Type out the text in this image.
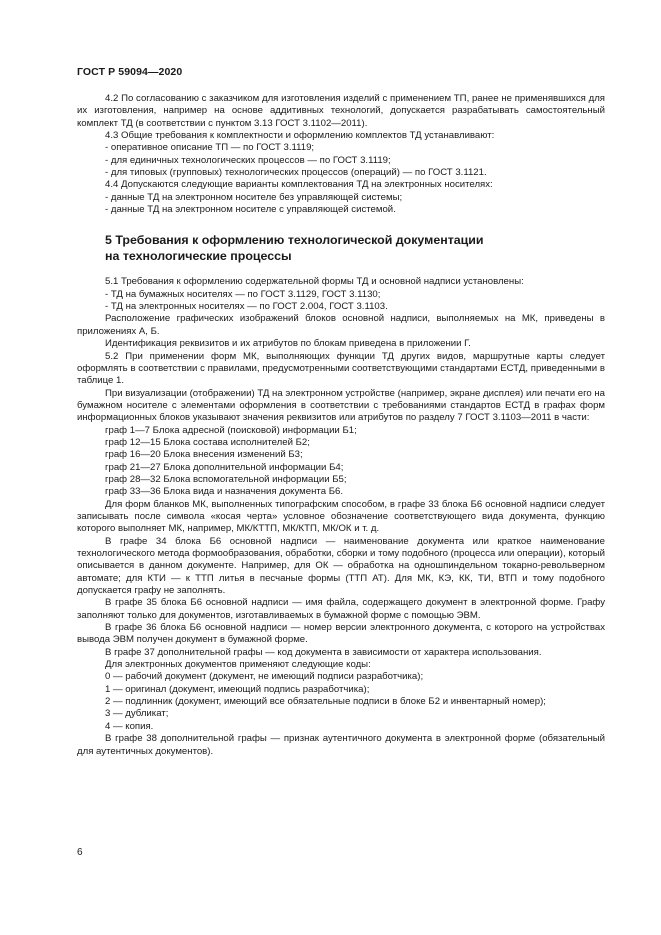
ГОСТ Р 59094—2020

4.2 По согласованию с заказчиком для изготовления изделий с применением ТП, ранее не применявшихся для их изготовления, например на основе аддитивных технологий, допускается разрабатывать самостоятельный комплект ТД (в соответствии с пунктом 3.13 ГОСТ 3.1102—2011).

4.3 Общие требования к комплектности и оформлению комплектов ТД устанавливают:

- оперативное описание ТП — по ГОСТ 3.1119;

- для единичных технологических процессов — по ГОСТ 3.1119;

- для типовых (групповых) технологических процессов (операций) — по ГОСТ 3.1121.

4.4 Допускаются следующие варианты комплектования ТД на электронных носителях:

- данные ТД на электронном носителе без управляющей системы;

- данные ТД на электронном носителе с управляющей системой.

5 Требования к оформлению технологической документации
на технологические процессы

5.1 Требования к оформлению содержательной формы ТД и основной надписи установлены:

- ТД на бумажных носителях — по ГОСТ 3.1129, ГОСТ 3.1130;

- ТД на электронных носителях — по ГОСТ 2.004, ГОСТ 3.1103.

Расположение графических изображений блоков основной надписи, выполняемых на МК, приведены в приложениях А, Б.

Идентификация реквизитов и их атрибутов по блокам приведена в приложении Г.

5.2 При применении форм МК, выполняющих функции ТД других видов, маршрутные карты следует оформлять в соответствии с правилами, предусмотренными соответствующими стандартами ЕСТД, приведенными в таблице 1.

При визуализации (отображении) ТД на электронном устройстве (например, экране дисплея) или печати его на бумажном носителе с элементами оформления в соответствии с требованиями стандартов ЕСТД в графах форм информационных блоков указывают значения реквизитов или атрибутов по разделу 7 ГОСТ 3.1103—2011 в части:

граф 1—7 Блока адресной (поисковой) информации Б1;

граф 12—15 Блока состава исполнителей Б2;

граф 16—20 Блока внесения изменений Б3;

граф 21—27 Блока дополнительной информации Б4;

граф 28—32 Блока вспомогательной информации Б5;

граф 33—36 Блока вида и назначения документа Б6.

Для форм бланков МК, выполненных типографским способом, в графе 33 блока Б6 основной надписи следует записывать после символа «косая черта» условное обозначение соответствующего вида документа, функцию которого выполняет МК, например, МК/КТТП, МК/КТП, МК/ОК и т. д.

В графе 34 блока Б6 основной надписи — наименование документа или краткое наименование технологического метода формообразования, обработки, сборки и тому подобного (процесса или операции), который описывается в данном документе. Например, для ОК — обработка на одношпиндельном токарно-револьверном автомате; для КТИ — к ТТП литья в песчаные формы (ТТП АТ). Для МК, КЭ, КК, ТИ, ВТП и тому подобного допускается графу не заполнять.

В графе 35 блока Б6 основной надписи — имя файла, содержащего документ в электронной форме. Графу заполняют только для документов, изготавливаемых в бумажной форме с помощью ЭВМ.

В графе 36 блока Б6 основной надписи — номер версии электронного документа, с которого на устройствах вывода ЭВМ получен документ в бумажной форме.

В графе 37 дополнительной графы — код документа в зависимости от характера использования.

Для электронных документов применяют следующие коды:

0 — рабочий документ (документ, не имеющий подписи разработчика);

1 — оригинал (документ, имеющий подпись разработчика);

2 — подлинник (документ, имеющий все обязательные подписи в блоке Б2 и инвентарный номер);

3 — дубликат;

4 — копия.

В графе 38 дополнительной графы — признак аутентичного документа в электронной форме (обязательный для аутентичных документов).

6
